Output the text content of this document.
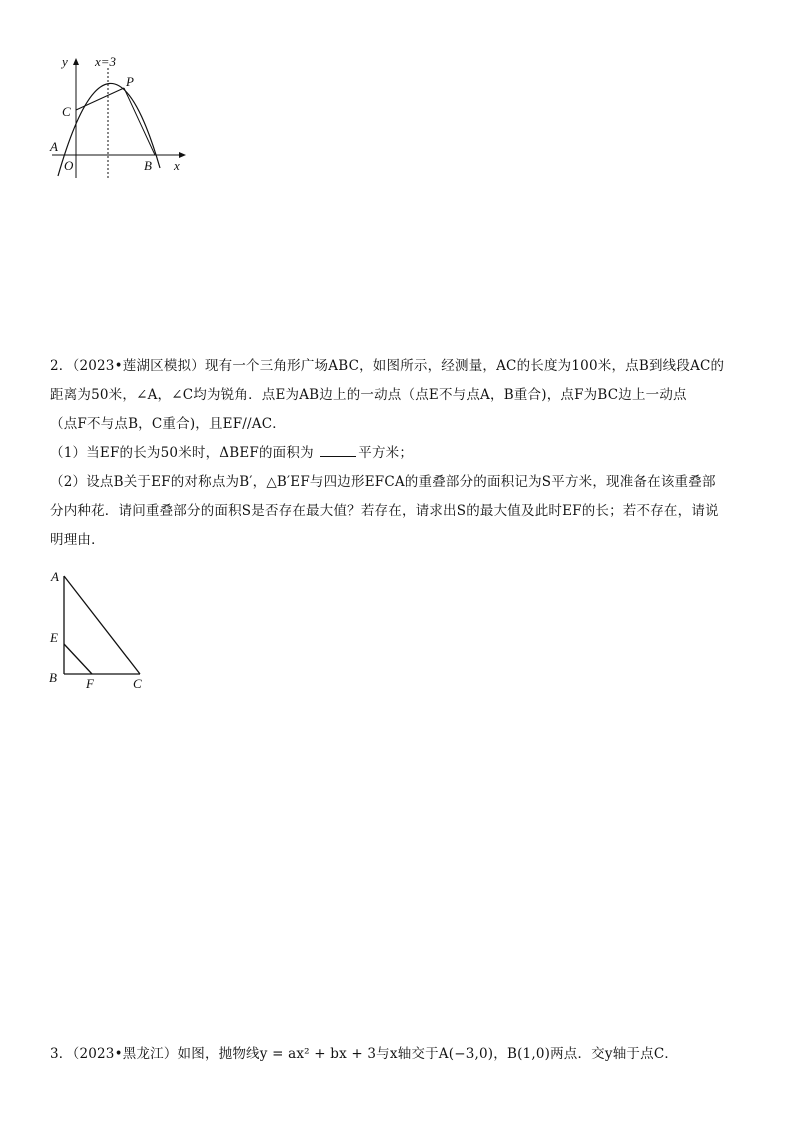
y
x
x=3
P
C
A
O	B

2．（2023•莲湖区模拟）现有一个三角形广场ABC，如图所示，经测量，AC的长度为100米，点B到线段AC的

距离为50米，∠A，∠C均为锐角．点E为AB边上的一动点（点E不与点A，B重合)，点F为BC边上一动点

（点F不与点B，C重合)，且EF//AC．

（1）当EF的长为50米时，ΔBEF的面积为	平方米；

（2）设点B关于EF的对称点为B′，△B′EF与四边形EFCA的重叠部分的面积记为S平方米，现准备在该重叠部

分内种花．请问重叠部分的面积S是否存在最大值？若存在，请求出S的最大值及此时EF的长；若不存在，请说

明理由．

A
E
B F	C

3．（2023•黑龙江）如图，抛物线y = ax² + bx + 3与x轴交于A(−3,0)，B(1,0)两点．交y轴于点C．
